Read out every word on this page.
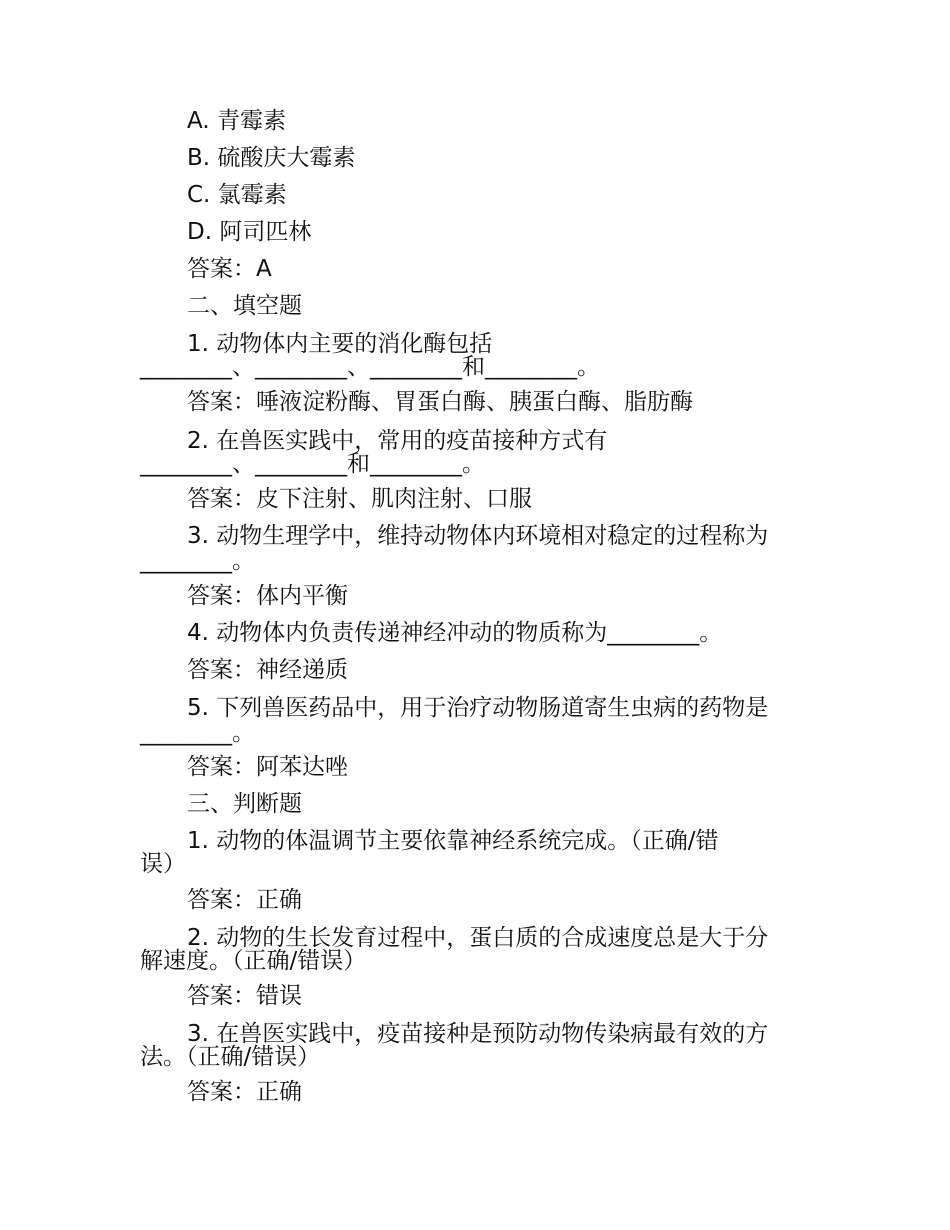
A. 青霉素
B. 硫酸庆大霉素
C. 氯霉素
D. 阿司匹林
答案：A
二、填空题
1. 动物体内主要的消化酶包括
________、________、________和________。
答案：唾液淀粉酶、胃蛋白酶、胰蛋白酶、脂肪酶
2. 在兽医实践中，常用的疫苗接种方式有
________、________和________。
答案：皮下注射、肌肉注射、口服
3. 动物生理学中，维持动物体内环境相对稳定的过程称为
________。
答案：体内平衡
4. 动物体内负责传递神经冲动的物质称为________。
答案：神经递质
5. 下列兽医药品中，用于治疗动物肠道寄生虫病的药物是
________。
答案：阿苯达唑
三、判断题
1. 动物的体温调节主要依靠神经系统完成。（正确/错
误）
答案：正确
2. 动物的生长发育过程中，蛋白质的合成速度总是大于分
解速度。（正确/错误）
答案：错误
3. 在兽医实践中，疫苗接种是预防动物传染病最有效的方
法。（正确/错误）
答案：正确
